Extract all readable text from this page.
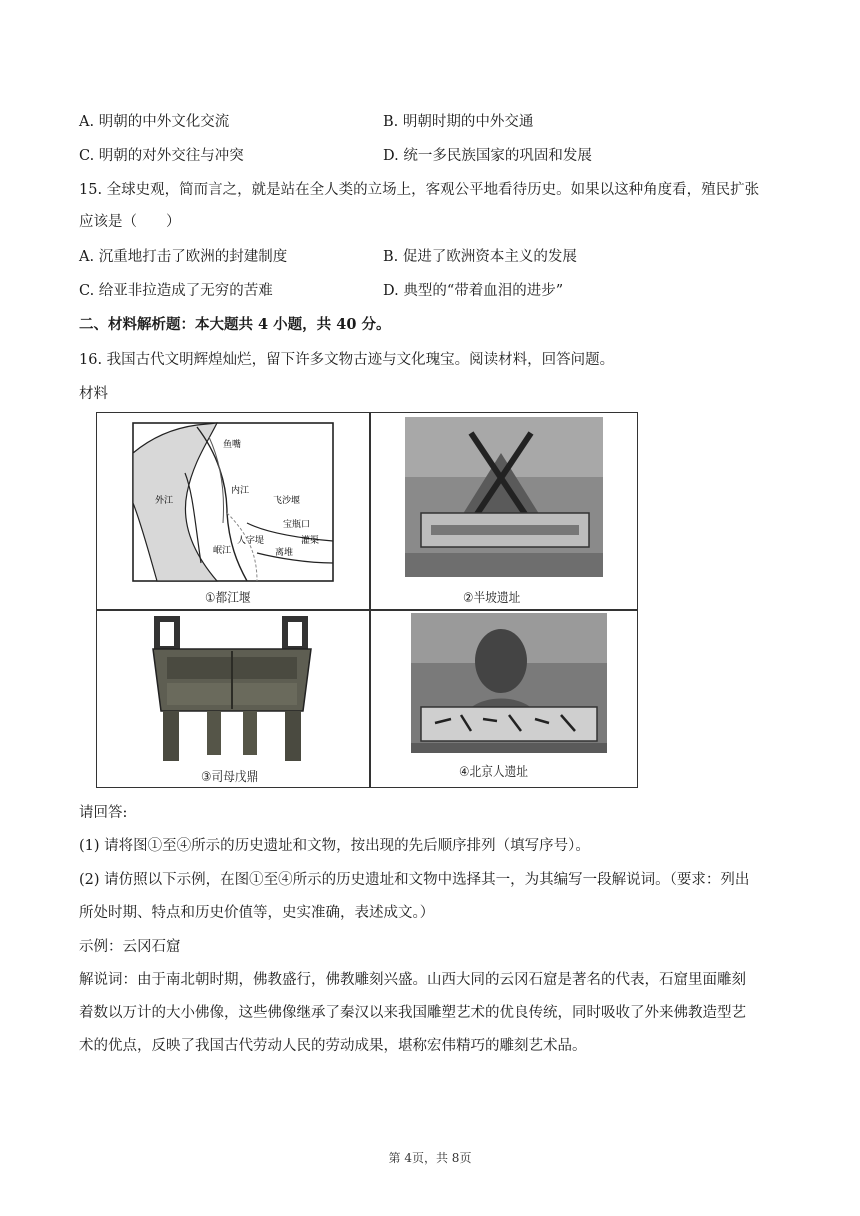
A. 明朝的中外文化交流	B. 明朝时期的中外交通
C. 明朝的对外交往与冲突	D. 统一多民族国家的巩固和发展
15. 全球史观，简而言之，就是站在全人类的立场上，客观公平地看待历史。如果以这种角度看，殖民扩张
应该是（　　）
A. 沉重地打击了欧洲的封建制度	B. 促进了欧洲资本主义的发展
C. 给亚非拉造成了无穷的苦难	D. 典型的“带着血泪的进步”
二、材料解析题：本大题共 4 小题，共 40 分。
16. 我国古代文明辉煌灿烂，留下许多文物古迹与文化瑰宝。阅读材料，回答问题。
材料
鱼嘴
飞沙堰
宝瓶口
离堆
内江
外江
人字堤
岷江
灌渠
①都江堰	②半坡遗址
③司母戊鼎	④北京人遗址
请回答:
(1) 请将图①至④所示的历史遗址和文物，按出现的先后顺序排列（填写序号）。
(2) 请仿照以下示例，在图①至④所示的历史遗址和文物中选择其一，为其编写一段解说词。（要求：列出
所处时期、特点和历史价值等，史实准确，表述成文。）
示例：云冈石窟
解说词：由于南北朝时期，佛教盛行，佛教雕刻兴盛。山西大同的云冈石窟是著名的代表，石窟里面雕刻
着数以万计的大小佛像，这些佛像继承了秦汉以来我国雕塑艺术的优良传统，同时吸收了外来佛教造型艺
术的优点，反映了我国古代劳动人民的劳动成果，堪称宏伟精巧的雕刻艺术品。
第 4页，共 8页
